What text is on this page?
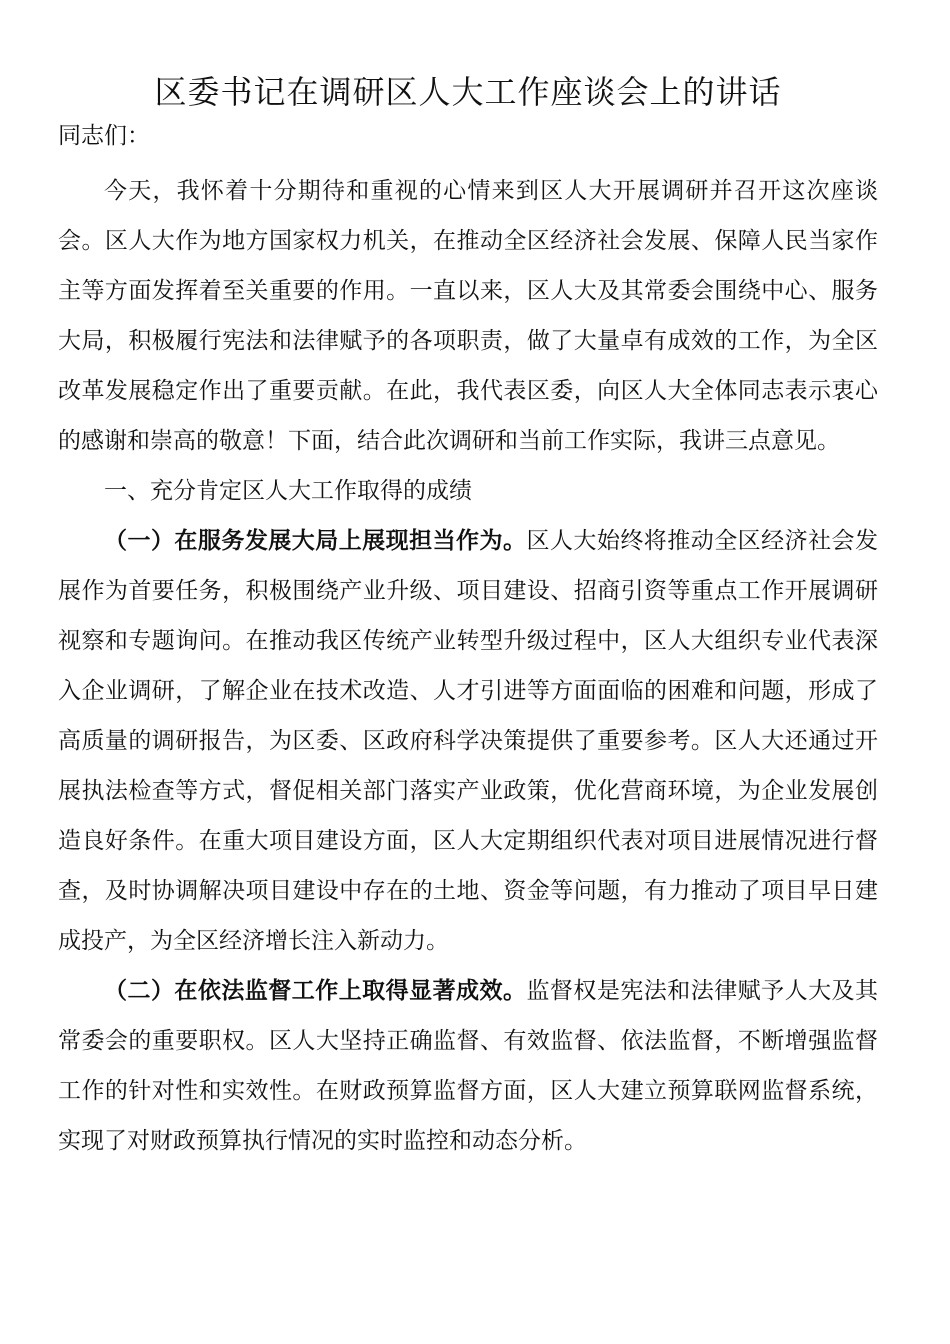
区委书记在调研区人大工作座谈会上的讲话

同志们：

今天，我怀着十分期待和重视的心情来到区人大开展调研并召开这次座谈会。区人大作为地方国家权力机关，在推动全区经济社会发展、保障人民当家作主等方面发挥着至关重要的作用。一直以来，区人大及其常委会围绕中心、服务大局，积极履行宪法和法律赋予的各项职责，做了大量卓有成效的工作，为全区改革发展稳定作出了重要贡献。在此，我代表区委，向区人大全体同志表示衷心的感谢和崇高的敬意！下面，结合此次调研和当前工作实际，我讲三点意见。

一、充分肯定区人大工作取得的成绩

（一）在服务发展大局上展现担当作为。区人大始终将推动全区经济社会发展作为首要任务，积极围绕产业升级、项目建设、招商引资等重点工作开展调研视察和专题询问。在推动我区传统产业转型升级过程中，区人大组织专业代表深入企业调研，了解企业在技术改造、人才引进等方面面临的困难和问题，形成了高质量的调研报告，为区委、区政府科学决策提供了重要参考。区人大还通过开展执法检查等方式，督促相关部门落实产业政策，优化营商环境，为企业发展创造良好条件。在重大项目建设方面，区人大定期组织代表对项目进展情况进行督查，及时协调解决项目建设中存在的土地、资金等问题，有力推动了项目早日建成投产，为全区经济增长注入新动力。

（二）在依法监督工作上取得显著成效。监督权是宪法和法律赋予人大及其常委会的重要职权。区人大坚持正确监督、有效监督、依法监督，不断增强监督工作的针对性和实效性。在财政预算监督方面，区人大建立预算联网监督系统，实现了对财政预算执行情况的实时监控和动态分析。
